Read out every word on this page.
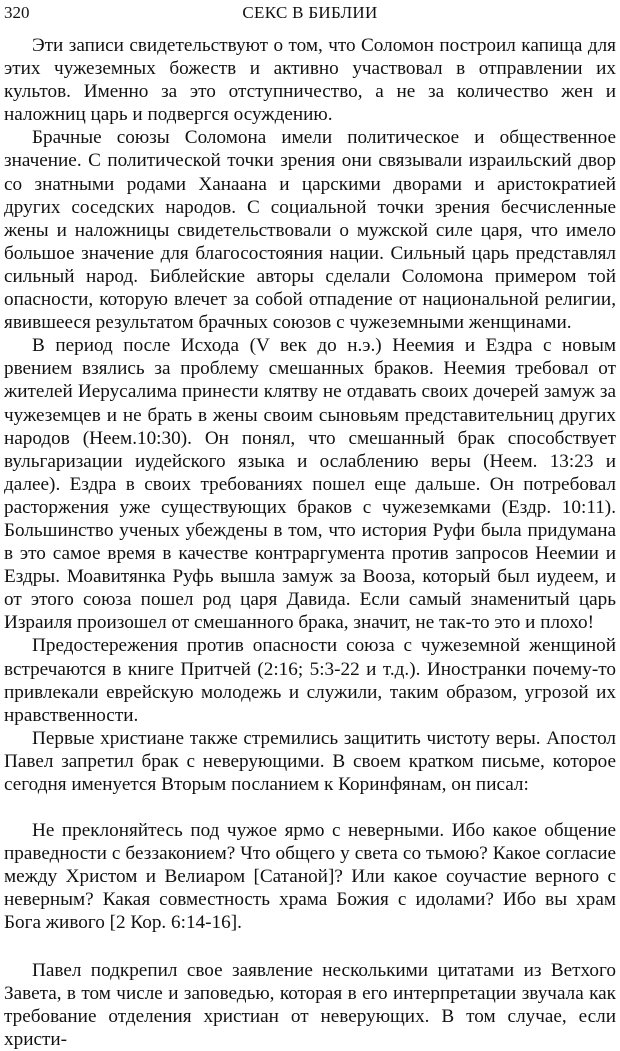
320	СЕКС В БИБЛИИ

Эти записи свидетельствуют о том, что Соломон построил капища для этих чужеземных божеств и активно участвовал в отправлении их культов. Именно за это отступничество, а не за количество жен и наложниц царь и подвергся осуждению.

Брачные союзы Соломона имели политическое и общественное значение. С политической точки зрения они связывали израильский двор со знатными родами Ханаана и царскими дворами и аристократией других соседских народов. С социальной точки зрения бесчисленные жены и наложницы свидетельствовали о мужской силе царя, что имело большое значение для благосостояния нации. Сильный царь представлял сильный народ. Библейские авторы сделали Соломона примером той опасности, которую влечет за собой отпадение от национальной религии, явившееся результатом брачных союзов с чужеземными женщинами.

В период после Исхода (V век до н.э.) Неемия и Ездра с новым рвением взялись за проблему смешанных браков. Неемия требовал от жителей Иерусалима принести клятву не отдавать своих дочерей замуж за чужеземцев и не брать в жены своим сыновьям представительниц других народов (Неем.10:30). Он понял, что смешанный брак способствует вульгаризации иудейского языка и ослаблению веры (Неем. 13:23 и далее). Ездра в своих требованиях пошел еще дальше. Он потребовал расторжения уже существующих браков с чужеземками (Ездр. 10:11). Большинство ученых убеждены в том, что история Руфи была придумана в это самое время в качестве контраргумента против запросов Неемии и Ездры. Моавитянка Руфь вышла замуж за Вооза, который был иудеем, и от этого союза пошел род царя Давида. Если самый знаменитый царь Израиля произошел от смешанного брака, значит, не так-то это и плохо!

Предостережения против опасности союза с чужеземной женщиной встречаются в книге Притчей (2:16; 5:3-22 и т.д.). Иностранки почему-то привлекали еврейскую молодежь и служили, таким образом, угрозой их нравственности.

Первые христиане также стремились защитить чистоту веры. Апостол Павел запретил брак с неверующими. В своем кратком письме, которое сегодня именуется Вторым посланием к Коринфянам, он писал:

Не преклоняйтесь под чужое ярмо с неверными. Ибо какое общение праведности с беззаконием? Что общего у света со тьмою? Какое согласие между Христом и Велиаром [Сатаной]? Или какое соучастие верного с неверным? Какая совместность храма Божия с идолами? Ибо вы храм Бога живого [2 Кор. 6:14-16].

Павел подкрепил свое заявление несколькими цитатами из Ветхого Завета, в том числе и заповедью, которая в его интерпретации звучала как требование отделения христиан от неверующих. В том случае, если христи-
